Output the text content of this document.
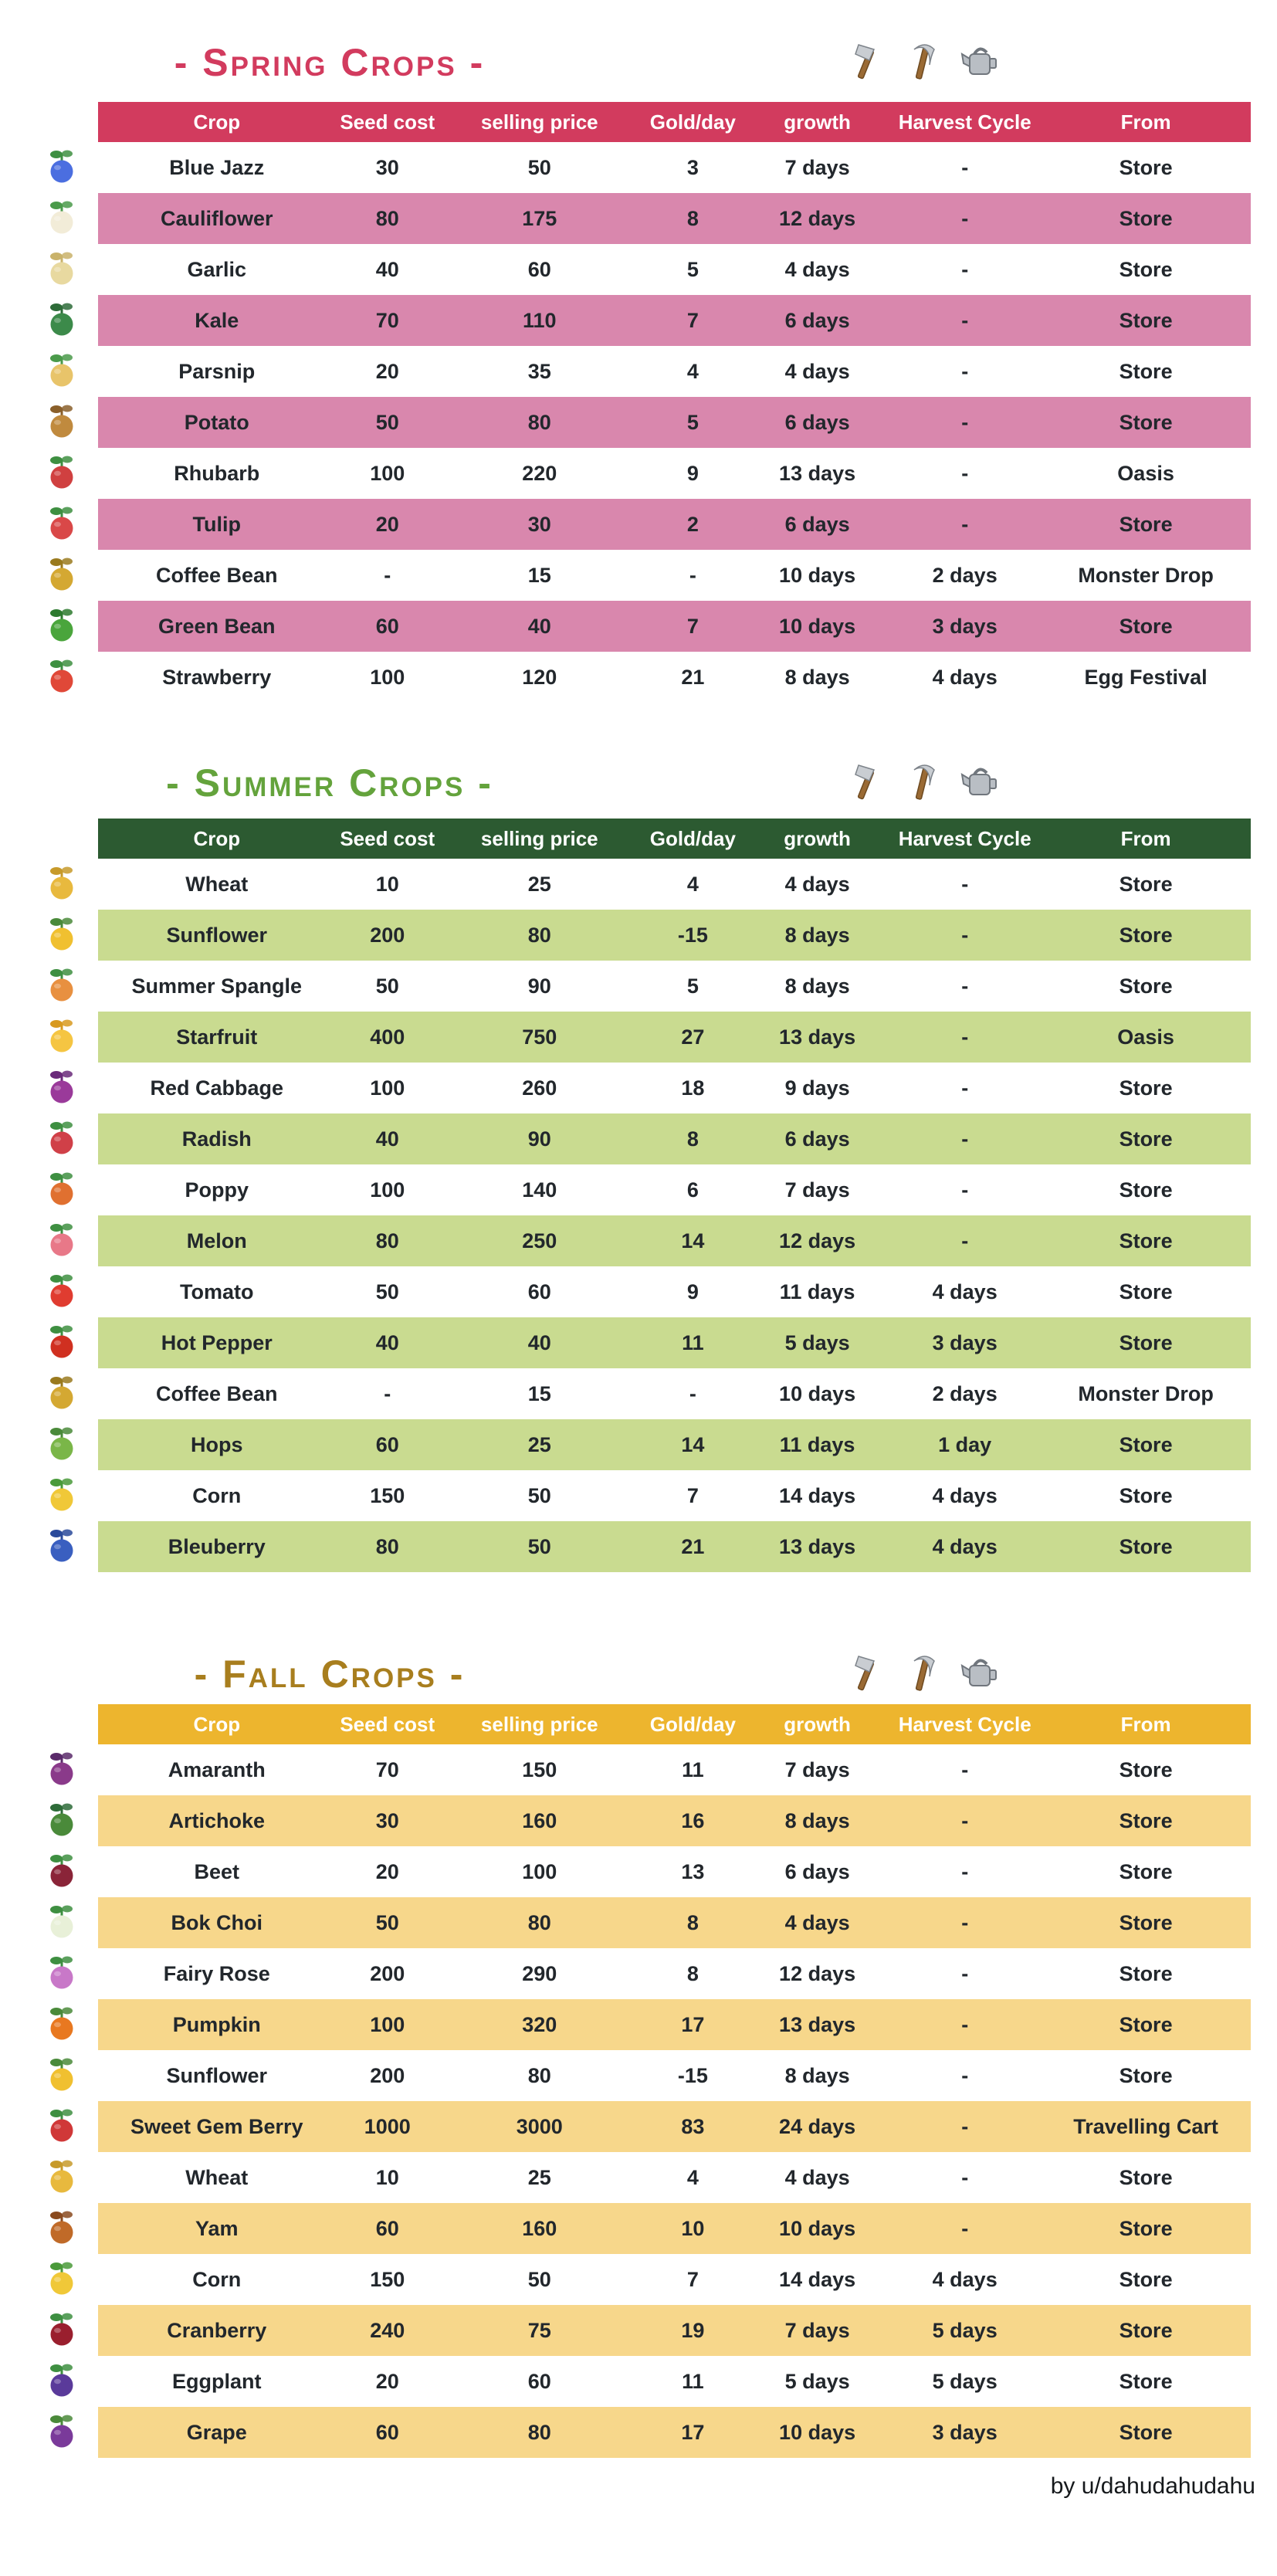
- Spring Crops -
Crop	Seed cost	selling price	Gold/day	growth	Harvest Cycle	From
Blue Jazz	30	50	3	7 days	-	Store
Cauliflower	80	175	8	12 days	-	Store
Garlic	40	60	5	4 days	-	Store
Kale	70	110	7	6 days	-	Store
Parsnip	20	35	4	4 days	-	Store
Potato	50	80	5	6 days	-	Store
Rhubarb	100	220	9	13 days	-	Oasis
Tulip	20	30	2	6 days	-	Store
Coffee Bean	-	15	-	10 days	2 days	Monster Drop
Green Bean	60	40	7	10 days	3 days	Store
Strawberry	100	120	21	8 days	4 days	Egg Festival
- Summer Crops -
Crop	Seed cost	selling price	Gold/day	growth	Harvest Cycle	From
Wheat	10	25	4	4 days	-	Store
Sunflower	200	80	-15	8 days	-	Store
Summer Spangle	50	90	5	8 days	-	Store
Starfruit	400	750	27	13 days	-	Oasis
Red Cabbage	100	260	18	9 days	-	Store
Radish	40	90	8	6 days	-	Store
Poppy	100	140	6	7 days	-	Store
Melon	80	250	14	12 days	-	Store
Tomato	50	60	9	11 days	4 days	Store
Hot Pepper	40	40	11	5 days	3 days	Store
Coffee Bean	-	15	-	10 days	2 days	Monster Drop
Hops	60	25	14	11 days	1 day	Store
Corn	150	50	7	14 days	4 days	Store
Bleuberry	80	50	21	13 days	4 days	Store
- Fall Crops -
Crop	Seed cost	selling price	Gold/day	growth	Harvest Cycle	From
Amaranth	70	150	11	7 days	-	Store
Artichoke	30	160	16	8 days	-	Store
Beet	20	100	13	6 days	-	Store
Bok Choi	50	80	8	4 days	-	Store
Fairy Rose	200	290	8	12 days	-	Store
Pumpkin	100	320	17	13 days	-	Store
Sunflower	200	80	-15	8 days	-	Store
Sweet Gem Berry	1000	3000	83	24 days	-	Travelling Cart
Wheat	10	25	4	4 days	-	Store
Yam	60	160	10	10 days	-	Store
Corn	150	50	7	14 days	4 days	Store
Cranberry	240	75	19	7 days	5 days	Store
Eggplant	20	60	11	5 days	5 days	Store
Grape	60	80	17	10 days	3 days	Store
by u/dahudahudahu
